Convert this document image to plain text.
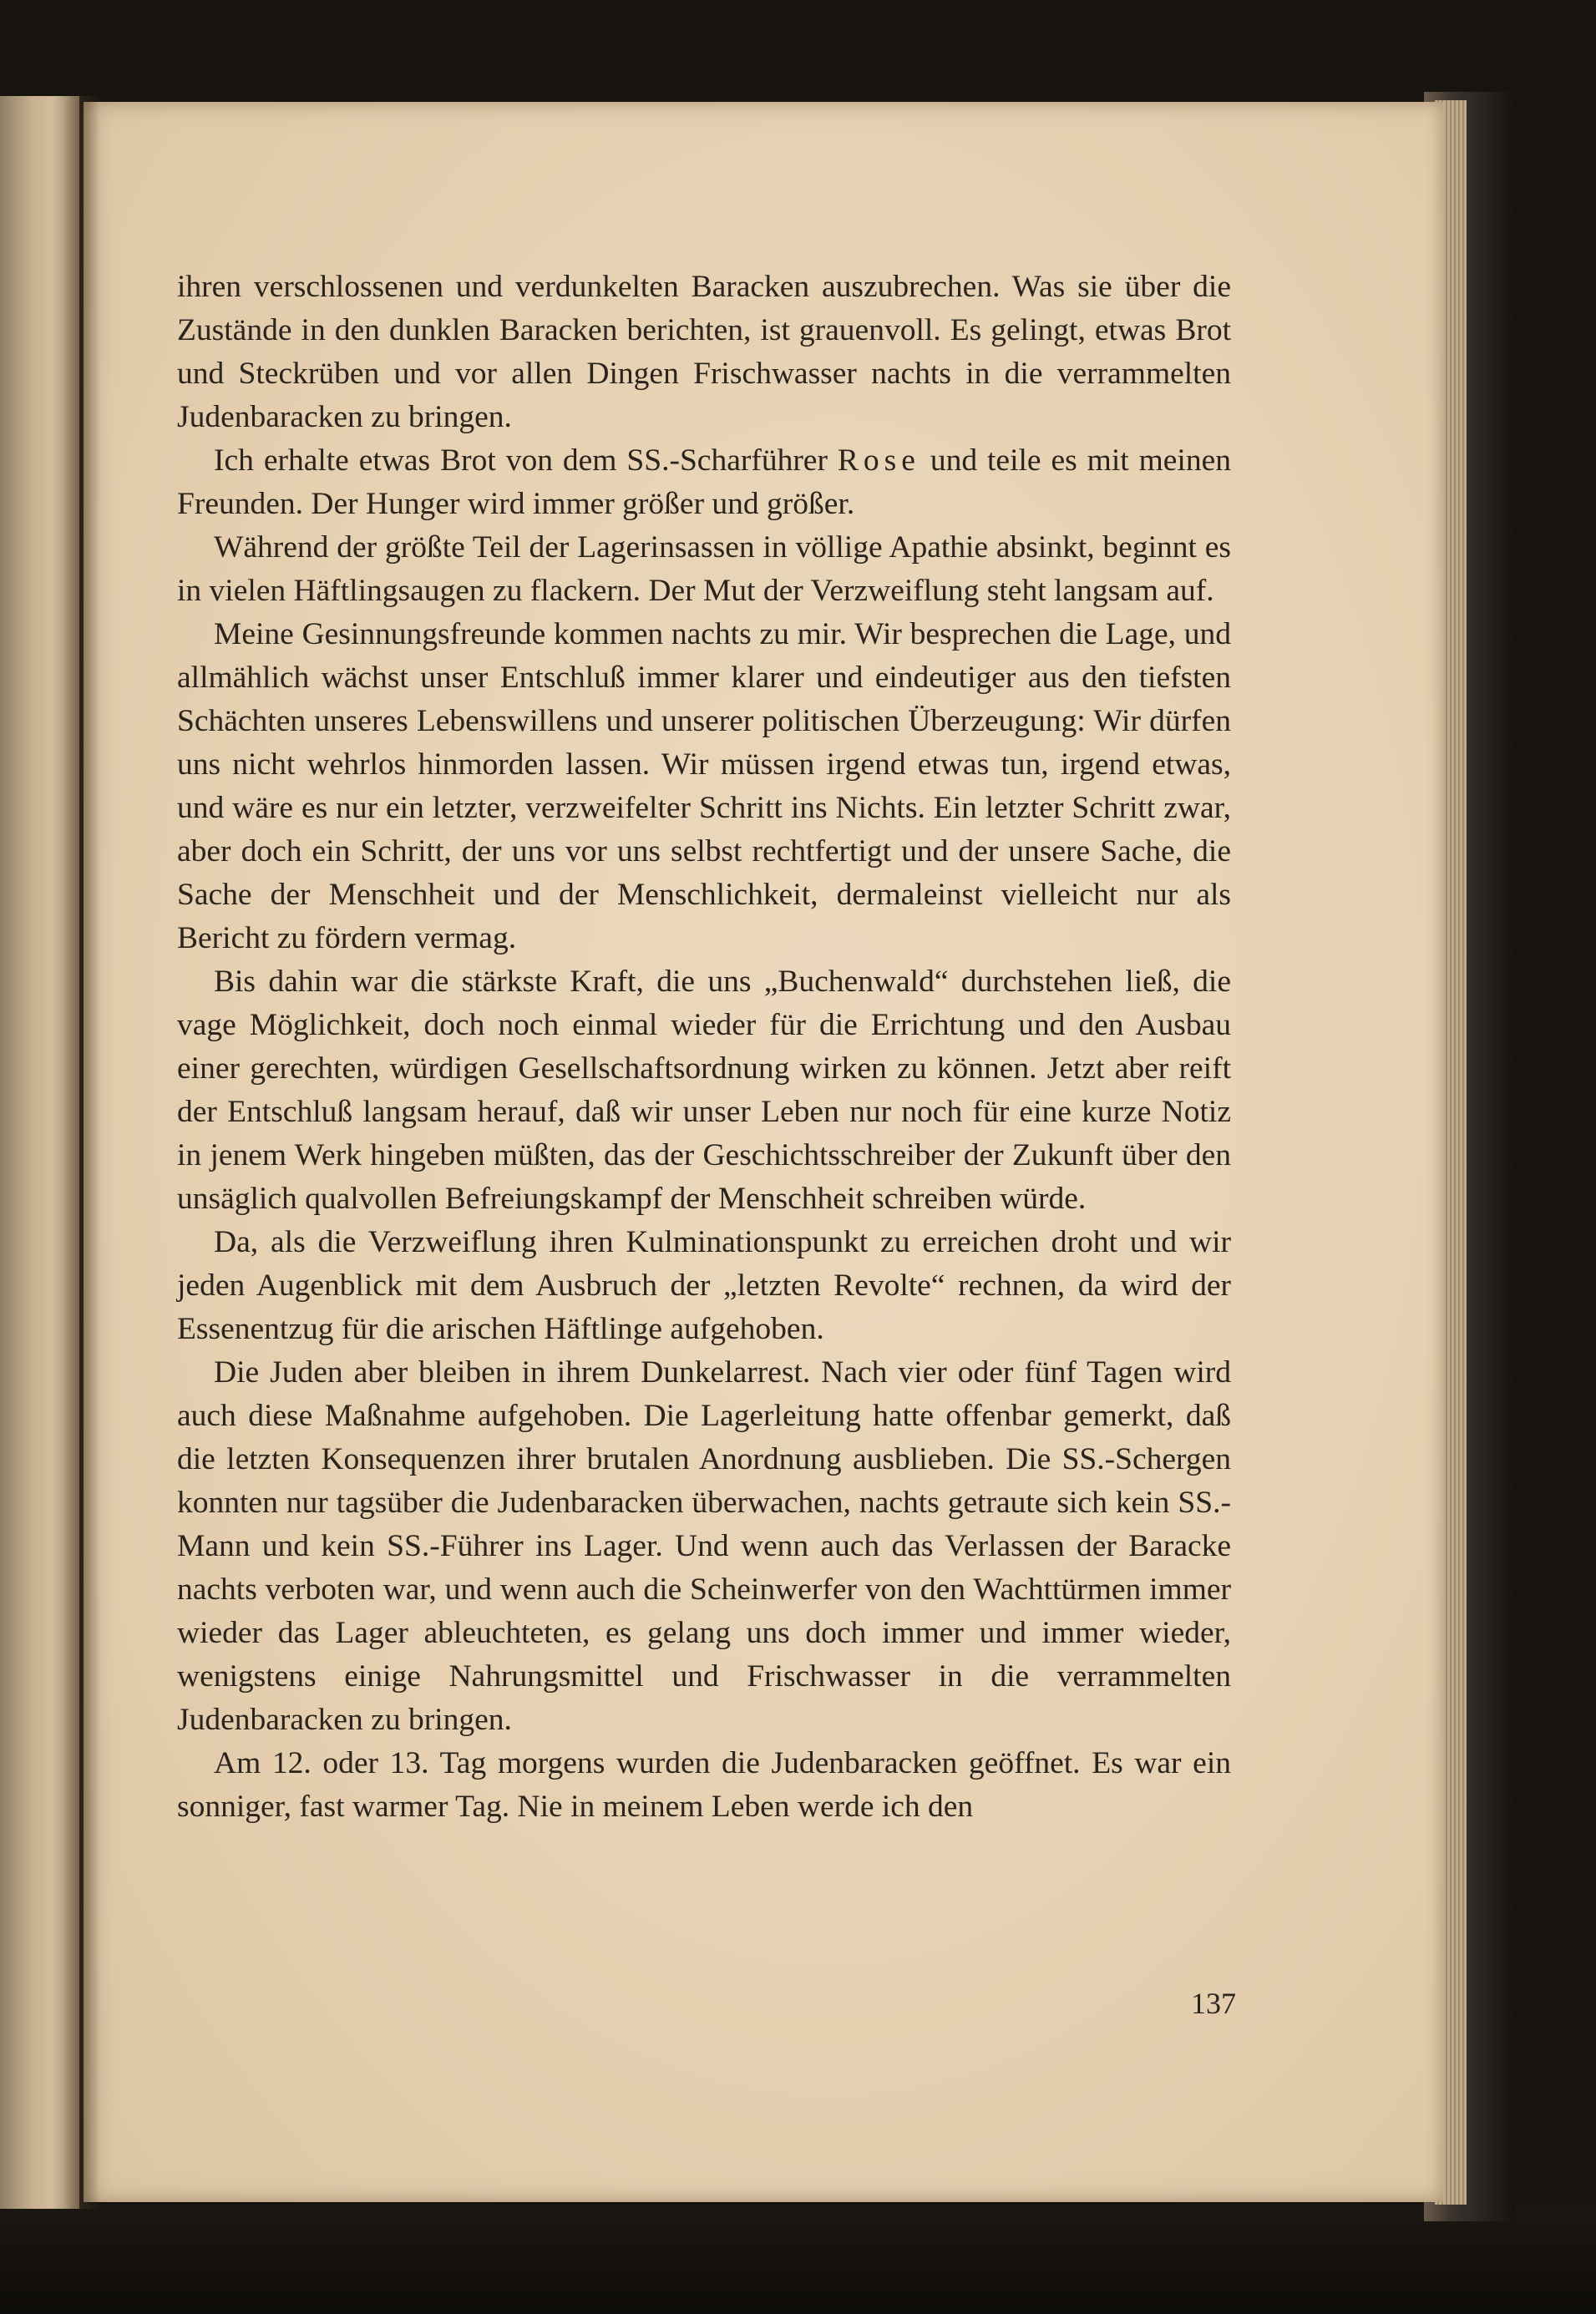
ihren verschlossenen und verdunkelten Baracken auszubrechen. Was sie über die Zustände in den dunklen Baracken berichten, ist grauenvoll. Es gelingt, etwas Brot und Steckrüben und vor allen Dingen Frischwasser nachts in die verrammelten Judenbaracken zu bringen.

Ich erhalte etwas Brot von dem SS.-Scharführer Rose und teile es mit meinen Freunden. Der Hunger wird immer größer und größer.

Während der größte Teil der Lagerinsassen in völlige Apathie absinkt, beginnt es in vielen Häftlingsaugen zu flackern. Der Mut der Verzweiflung steht langsam auf.

Meine Gesinnungsfreunde kommen nachts zu mir. Wir besprechen die Lage, und allmählich wächst unser Entschluß immer klarer und eindeutiger aus den tiefsten Schächten unseres Lebenswillens und unserer politischen Überzeugung: Wir dürfen uns nicht wehrlos hinmorden lassen. Wir müssen irgend etwas tun, irgend etwas, und wäre es nur ein letzter, verzweifelter Schritt ins Nichts. Ein letzter Schritt zwar, aber doch ein Schritt, der uns vor uns selbst rechtfertigt und der unsere Sache, die Sache der Menschheit und der Menschlichkeit, dermaleinst vielleicht nur als Bericht zu fördern vermag.

Bis dahin war die stärkste Kraft, die uns „Buchenwald“ durchstehen ließ, die vage Möglichkeit, doch noch einmal wieder für die Errichtung und den Ausbau einer gerechten, würdigen Gesellschaftsordnung wirken zu können. Jetzt aber reift der Entschluß langsam herauf, daß wir unser Leben nur noch für eine kurze Notiz in jenem Werk hingeben müßten, das der Geschichtsschreiber der Zukunft über den unsäglich qualvollen Befreiungskampf der Menschheit schreiben würde.

Da, als die Verzweiflung ihren Kulminationspunkt zu erreichen droht und wir jeden Augenblick mit dem Ausbruch der „letzten Revolte“ rechnen, da wird der Essenentzug für die arischen Häftlinge aufgehoben.

Die Juden aber bleiben in ihrem Dunkelarrest. Nach vier oder fünf Tagen wird auch diese Maßnahme aufgehoben. Die Lagerleitung hatte offenbar gemerkt, daß die letzten Konsequenzen ihrer brutalen Anordnung ausblieben. Die SS.-Schergen konnten nur tagsüber die Judenbaracken überwachen, nachts getraute sich kein SS.-Mann und kein SS.-Führer ins Lager. Und wenn auch das Verlassen der Baracke nachts verboten war, und wenn auch die Scheinwerfer von den Wachttürmen immer wieder das Lager ableuchteten, es gelang uns doch immer und immer wieder, wenigstens einige Nahrungsmittel und Frischwasser in die verrammelten Judenbaracken zu bringen.

Am 12. oder 13. Tag morgens wurden die Judenbaracken geöffnet. Es war ein sonniger, fast warmer Tag. Nie in meinem Leben werde ich den

137
